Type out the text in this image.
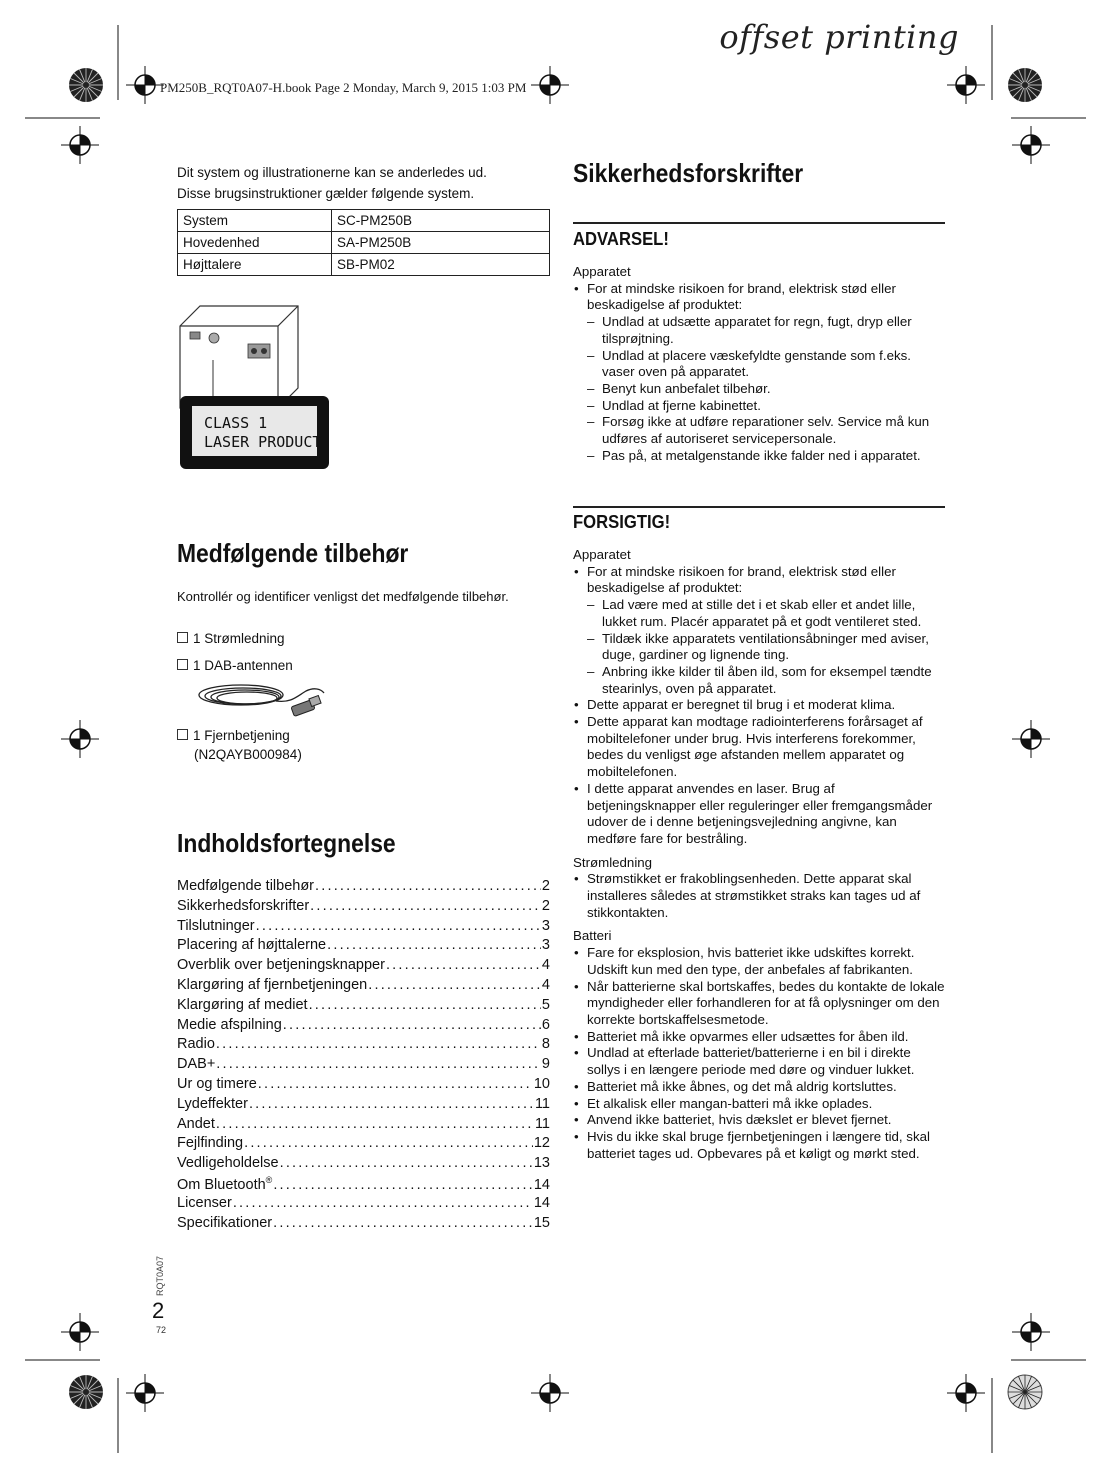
PM250B_RQT0A07-H.book Page 2 Monday, March 9, 2015 1:03 PM
offset printing

Dit system og illustrationerne kan se anderledes ud.

Disse brugsinstruktioner gælder følgende system.

System	SC-PM250B
Hovedenhed	SA-PM250B
Højttalere	SB-PM02
CLASS 1
LASER PRODUCT
Medfølgende tilbehør
Kontrollér og identificer venligst det medfølgende tilbehør.
1 Strømledning
1 DAB-antennen
1 Fjernbetjening
(N2QAYB000984)
Indholdsfortegnelse
Medfølgende tilbehør .....	2
Sikkerhedsforskrifter .....	2
Tilslutninger .....	3
Placering af højttalerne .....	3
Overblik over betjeningsknapper .....	4
Klargøring af fjernbetjeningen .....	4
Klargøring af mediet .....	5
Medie afspilning .....	6
Radio .....	8
DAB+ .....	9
Ur og timere .....	10
Lydeffekter .....	11
Andet .....	11
Fejlfinding .....	12
Vedligeholdelse .....	13
Om Bluetooth® .....	14
Licenser .....	14
Specifikationer .....	15
Sikkerhedsforskrifter
ADVARSEL!

Apparatet

• For at mindske risikoen for brand, elektrisk stød eller beskadigelse af produktet:
– Undlad at udsætte apparatet for regn, fugt, dryp eller tilsprøjtning.
– Undlad at placere væskefyldte genstande som f.eks. vaser oven på apparatet.
– Benyt kun anbefalet tilbehør.
– Undlad at fjerne kabinettet.
– Forsøg ikke at udføre reparationer selv. Service må kun udføres af autoriseret servicepersonale.
– Pas på, at metalgenstande ikke falder ned i apparatet.
FORSIGTIG!

Apparatet

• For at mindske risikoen for brand, elektrisk stød eller beskadigelse af produktet:
– Lad være med at stille det i et skab eller et andet lille, lukket rum. Placér apparatet på et godt ventileret sted.
– Tildæk ikke apparatets ventilationsåbninger med aviser, duge, gardiner og lignende ting.
– Anbring ikke kilder til åben ild, som for eksempel tændte stearinlys, oven på apparatet.
• Dette apparat er beregnet til brug i et moderat klima.
• Dette apparat kan modtage radiointerferens forårsaget af mobiltelefoner under brug. Hvis interferens forekommer, bedes du venligst øge afstanden mellem apparatet og mobiltelefonen.
• I dette apparat anvendes en laser. Brug af betjeningsknapper eller reguleringer eller fremgangsmåder udover de i denne betjeningsvejledning angivne, kan medføre fare for bestråling.

Strømledning

• Strømstikket er frakoblingsenheden. Dette apparat skal installeres således at strømstikket straks kan tages ud af stikkontakten.

Batteri

• Fare for eksplosion, hvis batteriet ikke udskiftes korrekt. Udskift kun med den type, der anbefales af fabrikanten.
• Når batterierne skal bortskaffes, bedes du kontakte de lokale myndigheder eller forhandleren for at få oplysninger om den korrekte bortskaffelsesmetode.
• Batteriet må ikke opvarmes eller udsættes for åben ild.
• Undlad at efterlade batteriet/batterierne i en bil i direkte sollys i en længere periode med døre og vinduer lukket.
• Batteriet må ikke åbnes, og det må aldrig kortsluttes.
• Et alkalisk eller mangan-batteri må ikke oplades.
• Anvend ikke batteriet, hvis dækslet er blevet fjernet.
• Hvis du ikke skal bruge fjernbetjeningen i længere tid, skal batteriet tages ud. Opbevares på et køligt og mørkt sted.
RQT0A07
2
72
